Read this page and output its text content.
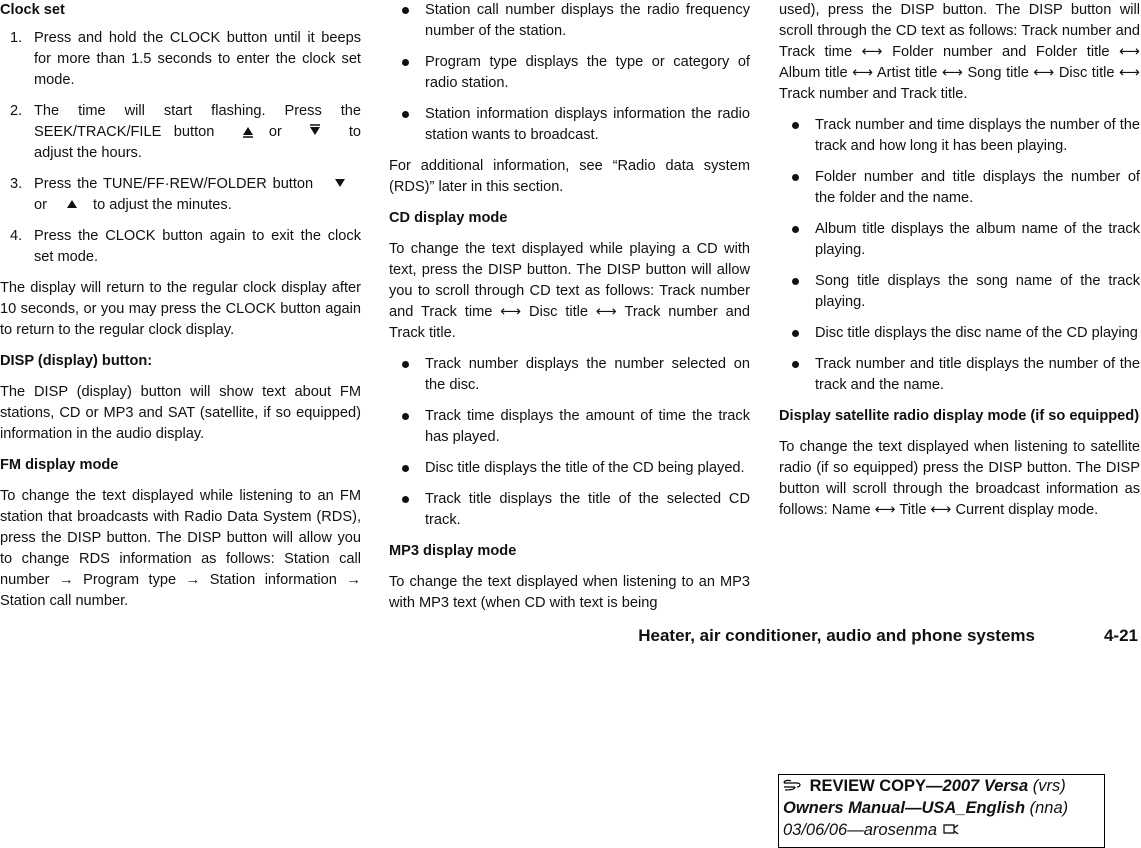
Clock set

1. Press and hold the CLOCK button until it beeps for more than 1.5 seconds to enter the clock set mode.
2. The time will start flashing. Press the SEEK/TRACK/FILE button	or	to adjust the hours.
3. Press the TUNE/FF·REW/FOLDER button or	to adjust the minutes.
4. Press the CLOCK button again to exit the clock set mode.

The display will return to the regular clock display after 10 seconds, or you may press the CLOCK button again to return to the regular clock display.

DISP (display) button:

The DISP (display) button will show text about FM stations, CD or MP3 and SAT (satellite, if so equipped) information in the audio display.

FM display mode

To change the text displayed while listening to an FM station that broadcasts with Radio Data System (RDS), press the DISP button. The DISP button will allow you to change RDS information as follows: Station call number → Program type → Station information → Station call number.

Station call number displays the radio frequency number of the station.
Program type displays the type or category of radio station.
Station information displays information the radio station wants to broadcast.

For additional information, see “Radio data system (RDS)” later in this section.

CD display mode

To change the text displayed while playing a CD with text, press the DISP button. The DISP button will allow you to scroll through CD text as follows: Track number and Track time ⟷ Disc title ⟷ Track number and Track title.

Track number displays the number selected on the disc.
Track time displays the amount of time the track has played.
Disc title displays the title of the CD being played.
Track title displays the title of the selected CD track.

MP3 display mode

To change the text displayed when listening to an MP3 with MP3 text (when CD with text is being

used), press the DISP button. The DISP button will scroll through the CD text as follows: Track number and Track time ⟷ Folder number and Folder title ⟷ Album title ⟷ Artist title ⟷ Song title ⟷ Disc title ⟷ Track number and Track title.

Track number and time displays the number of the track and how long it has been playing.
Folder number and title displays the number of the folder and the name.
Album title displays the album name of the track playing.
Song title displays the song name of the track playing.
Disc title displays the disc name of the CD playing
Track number and title displays the number of the track and the name.

Display satellite radio display mode (if so equipped)

To change the text displayed when listening to satellite radio (if so equipped) press the DISP button. The DISP button will scroll through the broadcast information as follows: Name ⟷ Title ⟷ Current display mode.

Heater, air conditioner, audio and phone systems	4-21
REVIEW COPY—2007 Versa (vrs)
Owners Manual—USA_English (nna)
03/06/06—arosenma
